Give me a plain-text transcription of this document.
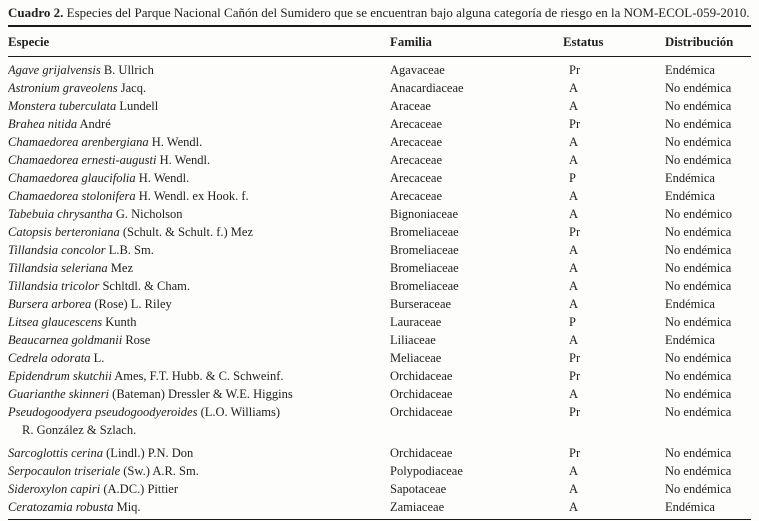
Cuadro 2. Especies del Parque Nacional Cañón del Sumidero que se encuentran bajo alguna categoría de riesgo en la NOM-ECOL-059-2010.
Especie	Familia	Estatus	Distribución
Agave grijalvensis B. Ullrich	Agavaceae	Pr	Endémica
Astronium graveolens Jacq.	Anacardiaceae	A	No endémica
Monstera tuberculata Lundell	Araceae	A	No endémica
Brahea nitida André	Arecaceae	Pr	No endémica
Chamaedorea arenbergiana H. Wendl.	Arecaceae	A	No endémica
Chamaedorea ernesti-augusti H. Wendl.	Arecaceae	A	No endémica
Chamaedorea glaucifolia H. Wendl.	Arecaceae	P	Endémica
Chamaedorea stolonifera H. Wendl. ex Hook. f.	Arecaceae	A	Endémica
Tabebuia chrysantha G. Nicholson	Bignoniaceae	A	No endémico
Catopsis berteroniana (Schult. & Schult. f.) Mez	Bromeliaceae	Pr	No endémica
Tillandsia concolor L.B. Sm.	Bromeliaceae	A	No endémica
Tillandsia seleriana Mez	Bromeliaceae	A	No endémica
Tillandsia tricolor Schltdl. & Cham.	Bromeliaceae	A	No endémica
Bursera arborea (Rose) L. Riley	Burseraceae	A	Endémica
Litsea glaucescens Kunth	Lauraceae	P	No endémica
Beaucarnea goldmanii Rose	Liliaceae	A	Endémica
Cedrela odorata L.	Meliaceae	Pr	No endémica
Epidendrum skutchii Ames, F.T. Hubb. & C. Schweinf.	Orchidaceae	Pr	No endémica
Guarianthe skinneri (Bateman) Dressler & W.E. Higgins	Orchidaceae	A	No endémica
Pseudogoodyera pseudogoodyeroides (L.O. Williams)
R. González & Szlach.
Orchidaceae	Pr	No endémica
Sarcoglottis cerina (Lindl.) P.N. Don	Orchidaceae	Pr	No endémica
Serpocaulon triseriale (Sw.) A.R. Sm.	Polypodiaceae	A	No endémica
Sideroxylon capiri (A.DC.) Pittier	Sapotaceae	A	No endémica
Ceratozamia robusta Miq.	Zamiaceae	A	Endémica
